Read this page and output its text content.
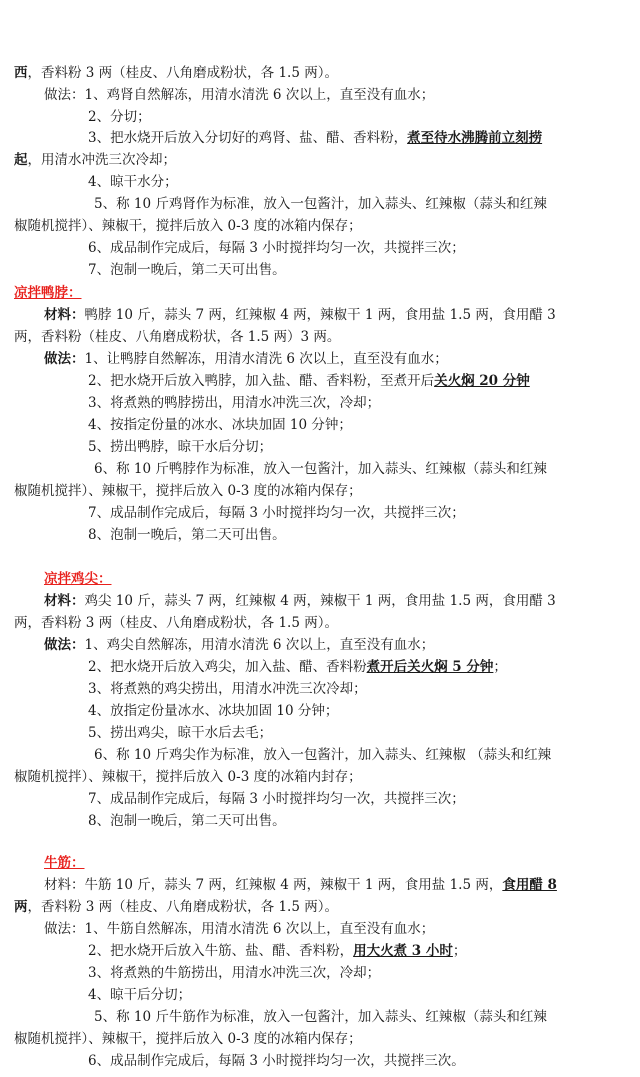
西，香料粉 3 两（桂皮、八角磨成粉状，各 1.5 两）。
做法：1、鸡肾自然解冻，用清水清洗 6 次以上，直至没有血水；
2、分切；
3、把水烧开后放入分切好的鸡肾、盐、醋、香料粉，煮至待水沸腾前立刻捞
起，用清水冲洗三次冷却；
4、晾干水分；
5、称 10 斤鸡肾作为标准，放入一包酱汁，加入蒜头、红辣椒（蒜头和红辣
椒随机搅拌）、辣椒干，搅拌后放入 0-3 度的冰箱内保存；
6、成品制作完成后，每隔 3 小时搅拌均匀一次，共搅拌三次；
7、泡制一晚后，第二天可出售。
凉拌鸭脖：
材料：鸭脖 10 斤，蒜头 7 两，红辣椒 4 两，辣椒干 1 两，食用盐 1.5 两，食用醋 3
两，香料粉（桂皮、八角磨成粉状，各 1.5 两）3 两。
做法：1、让鸭脖自然解冻，用清水清洗 6 次以上，直至没有血水；
2、把水烧开后放入鸭脖，加入盐、醋、香料粉，至煮开后关火焖 20 分钟
3、将煮熟的鸭脖捞出，用清水冲洗三次，冷却；
4、按指定份量的冰水、冰块加固 10 分钟；
5、捞出鸭脖，晾干水后分切；
6、称 10 斤鸭脖作为标准，放入一包酱汁，加入蒜头、红辣椒（蒜头和红辣
椒随机搅拌）、辣椒干，搅拌后放入 0-3 度的冰箱内保存；
7、成品制作完成后，每隔 3 小时搅拌均匀一次，共搅拌三次；
8、泡制一晚后，第二天可出售。
凉拌鸡尖：
材料：鸡尖 10 斤，蒜头 7 两，红辣椒 4 两，辣椒干 1 两，食用盐 1.5 两，食用醋 3
两，香料粉 3 两（桂皮、八角磨成粉状，各 1.5 两）。
做法：1、鸡尖自然解冻，用清水清洗 6 次以上，直至没有血水；
2、把水烧开后放入鸡尖，加入盐、醋、香料粉煮开后关火焖 5 分钟；
3、将煮熟的鸡尖捞出，用清水冲洗三次冷却；
4、放指定份量冰水、冰块加固 10 分钟；
5、捞出鸡尖，晾干水后去毛；
6、称 10 斤鸡尖作为标准，放入一包酱汁，加入蒜头、红辣椒 （蒜头和红辣
椒随机搅拌）、辣椒干，搅拌后放入 0-3 度的冰箱内封存；
7、成品制作完成后，每隔 3 小时搅拌均匀一次，共搅拌三次；
8、泡制一晚后，第二天可出售。
牛筋：
材料：牛筋 10 斤，蒜头 7 两，红辣椒 4 两，辣椒干 1 两，食用盐 1.5 两，食用醋 8
两，香料粉 3 两（桂皮、八角磨成粉状，各 1.5 两）。
做法：1、牛筋自然解冻，用清水清洗 6 次以上，直至没有血水；
2、把水烧开后放入牛筋、盐、醋、香料粉，用大火煮 3 小时；
3、将煮熟的牛筋捞出，用清水冲洗三次，冷却；
4、晾干后分切；
5、称 10 斤牛筋作为标准，放入一包酱汁，加入蒜头、红辣椒（蒜头和红辣
椒随机搅拌）、辣椒干，搅拌后放入 0-3 度的冰箱内保存；
6、成品制作完成后，每隔 3 小时搅拌均匀一次，共搅拌三次。
